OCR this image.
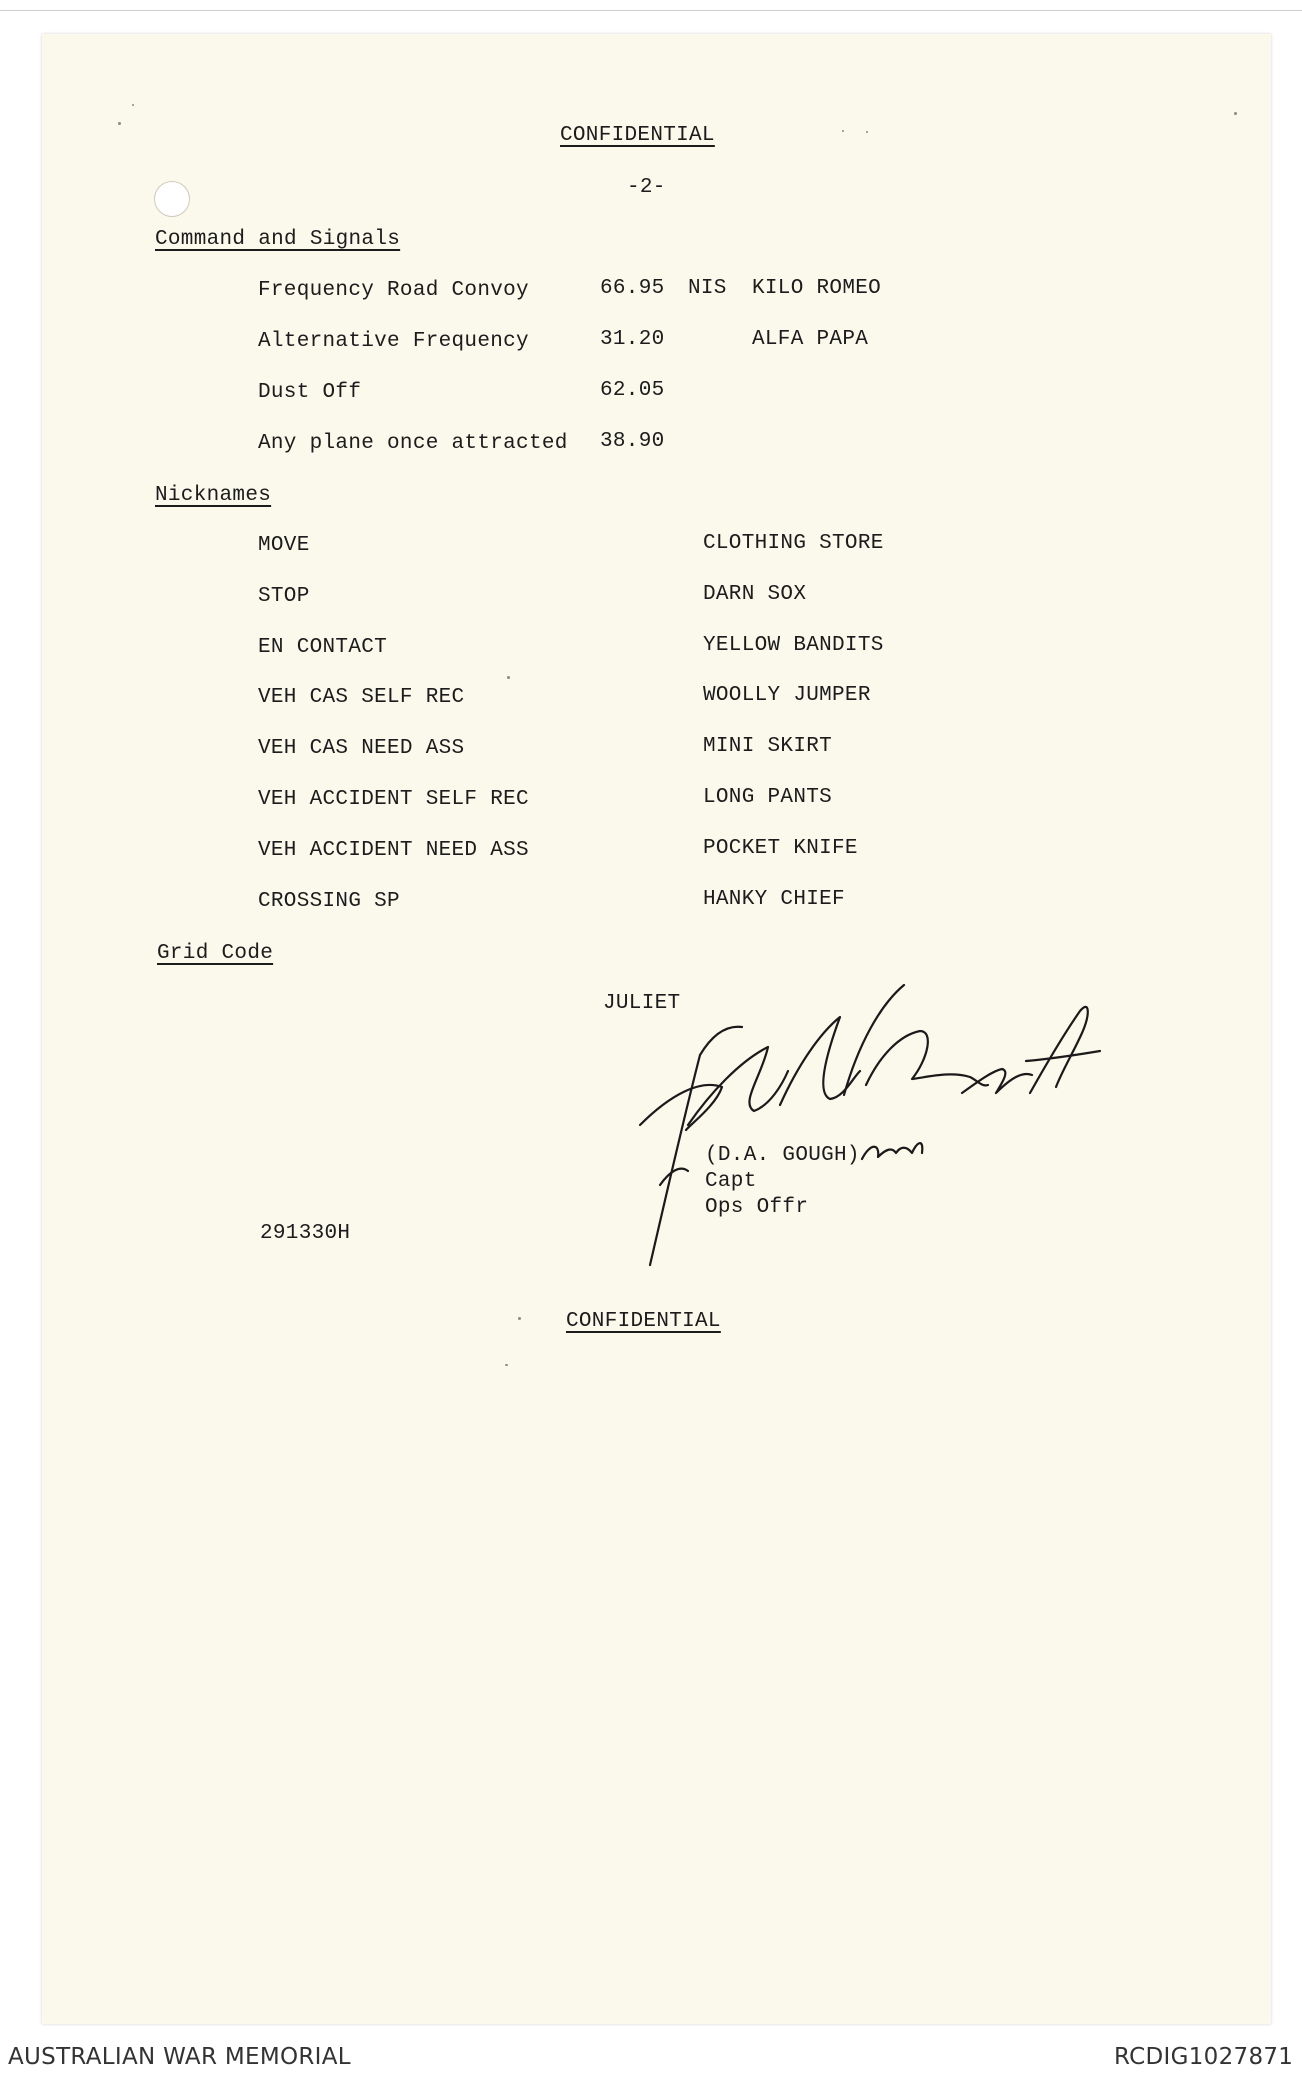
CONFIDENTIAL
-2-
Command and Signals
Frequency Road Convoy	66.95 NIS KILO ROMEO
Alternative Frequency	31.20	ALFA PAPA
Dust Off	62.05
Any plane once attracted 38.90
Nicknames
MOVE	CLOTHING STORE
STOP	DARN SOX
EN CONTACT	YELLOW BANDITS
VEH CAS SELF REC	WOOLLY JUMPER
VEH CAS NEED ASS	MINI SKIRT
VEH ACCIDENT SELF REC	LONG PANTS
VEH ACCIDENT NEED ASS	POCKET KNIFE
CROSSING SP	HANKY CHIEF
Grid Code
JULIET
(D.A. GOUGH)
Capt
Ops Offr
291330H
CONFIDENTIAL
AUSTRALIAN WAR MEMORIAL	RCDIG1027871
